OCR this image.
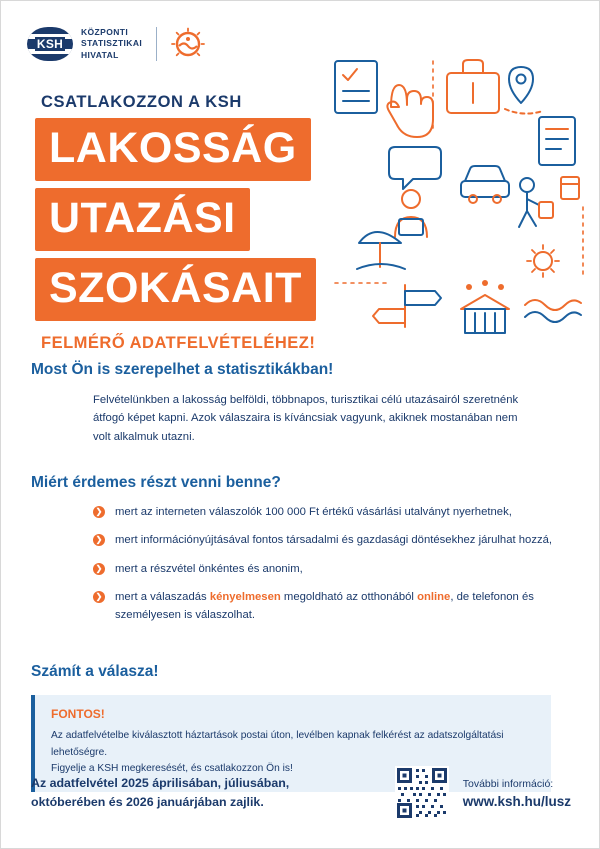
KSH
KÖZPONTI
STATISZTIKAI
HIVATAL
CSATLAKOZZON A KSH
LAKOSSÁG
UTAZÁSI
SZOKÁSAIT
FELMÉRŐ ADATFELVÉTELÉHEZ!
Most Ön is szerepelhet a statisztikákban!

Felvételünkben a lakosság belföldi, többnapos, turisztikai célú utazásairól szeretnénk átfogó képet kapni. Azok válaszaira is kíváncsiak vagyunk, akiknek mostanában nem volt alkalmuk utazni.

Miért érdemes részt venni benne?
❯ mert az interneten válaszolók 100 000 Ft értékű vásárlási utalványt nyerhetnek,
❯ mert információnyújtásával fontos társadalmi és gazdasági döntésekhez járulhat hozzá,
❯ mert a részvétel önkéntes és anonim,
❯ mert a válaszadás kényelmesen megoldható az otthonából online, de telefonon és személyesen is válaszolhat.
Számít a válasza!
FONTOS!
Az adatfelvételbe kiválasztott háztartások postai úton, levélben kapnak felkérést az adatszolgáltatási lehetőségre.
Figyelje a KSH megkeresését, és csatlakozzon Ön is!
Az adatfelvétel 2025 áprilisában, júliusában, októberében és 2026 januárjában zajlik.
További információ:
www.ksh.hu/lusz
